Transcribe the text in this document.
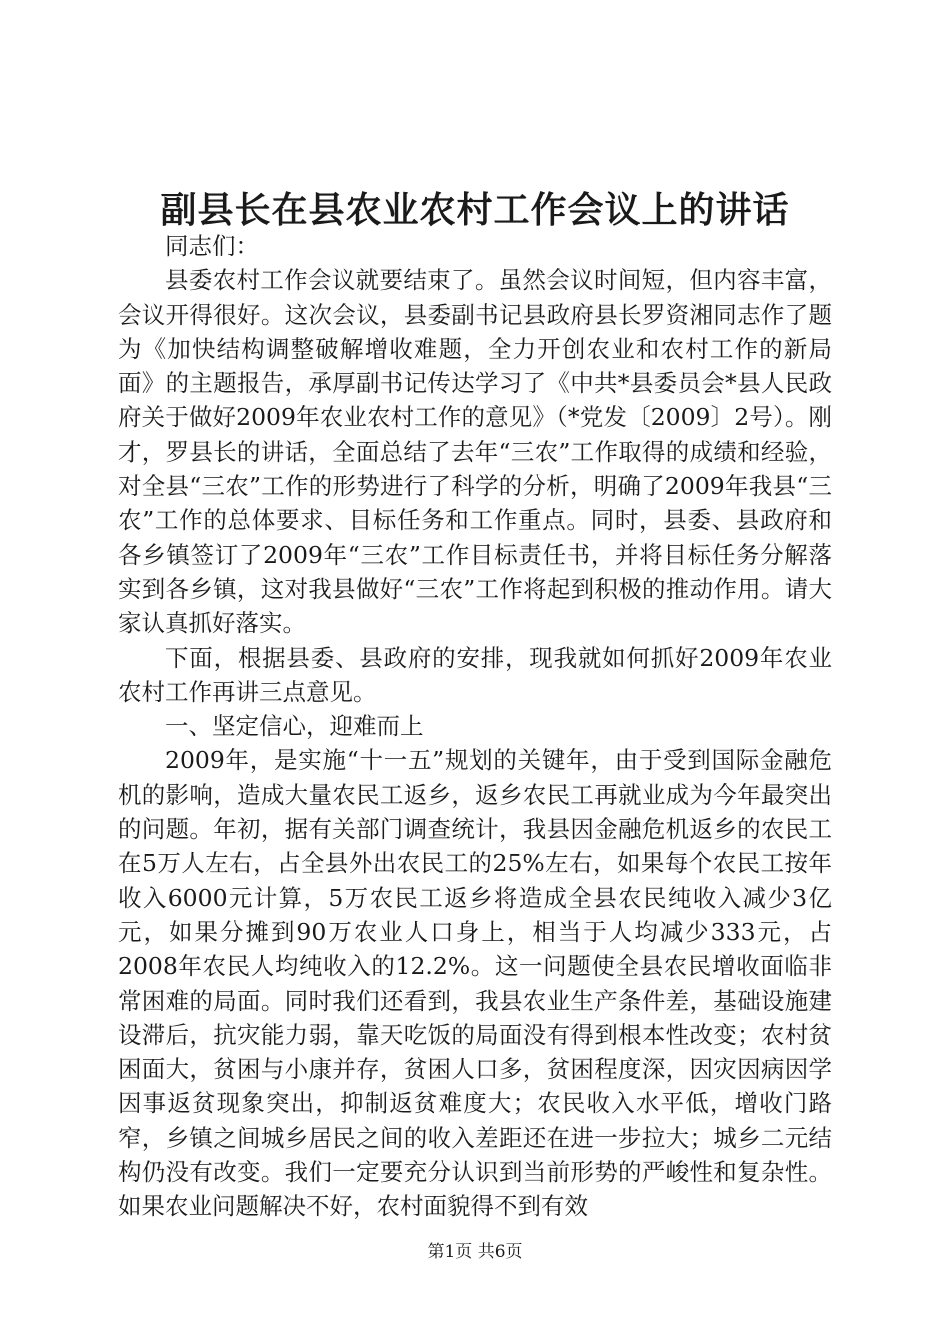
副县长在县农业农村工作会议上的讲话

同志们：

县委农村工作会议就要结束了。虽然会议时间短，但内容丰富，会议开得很好。这次会议，县委副书记县政府县长罗资湘同志作了题为《加快结构调整破解增收难题，全力开创农业和农村工作的新局面》的主题报告，承厚副书记传达学习了《中共*县委员会*县人民政府关于做好2009年农业农村工作的意见》（*党发〔2009〕2号）。刚才，罗县长的讲话，全面总结了去年“三农”工作取得的成绩和经验，对全县“三农”工作的形势进行了科学的分析，明确了2009年我县“三农”工作的总体要求、目标任务和工作重点。同时，县委、县政府和各乡镇签订了2009年“三农”工作目标责任书，并将目标任务分解落实到各乡镇，这对我县做好“三农”工作将起到积极的推动作用。请大家认真抓好落实。

下面，根据县委、县政府的安排，现我就如何抓好2009年农业农村工作再讲三点意见。

一、坚定信心，迎难而上

2009年，是实施“十一五”规划的关键年，由于受到国际金融危机的影响，造成大量农民工返乡，返乡农民工再就业成为今年最突出的问题。年初，据有关部门调查统计，我县因金融危机返乡的农民工在5万人左右，占全县外出农民工的25%左右，如果每个农民工按年收入6000元计算，5万农民工返乡将造成全县农民纯收入减少3亿元，如果分摊到90万农业人口身上，相当于人均减少333元，占2008年农民人均纯收入的12.2%。这一问题使全县农民增收面临非常困难的局面。同时我们还看到，我县农业生产条件差，基础设施建设滞后，抗灾能力弱，靠天吃饭的局面没有得到根本性改变；农村贫困面大，贫困与小康并存，贫困人口多，贫困程度深，因灾因病因学因事返贫现象突出，抑制返贫难度大；农民收入水平低，增收门路窄，乡镇之间城乡居民之间的收入差距还在进一步拉大；城乡二元结构仍没有改变。我们一定要充分认识到当前形势的严峻性和复杂性。如果农业问题解决不好，农村面貌得不到有效

第1页 共6页
